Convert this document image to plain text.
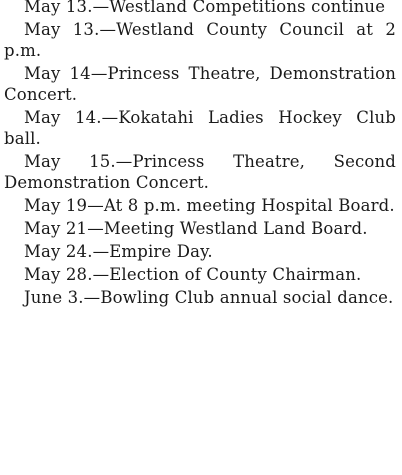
May 13.—Westland Competitions continue

May 13.—Westland County Council at 2 p.m.

May 14—Princess Theatre, Demonstration Concert.

May 14.—Kokatahi Ladies Hockey Club ball.

May 15.—Princess Theatre, Second Demonstration Concert.

May 19—At 8 p.m. meeting Hospital Board.

May 21—Meeting Westland Land Board.

May 24.—Empire Day.

May 28.—Election of County Chairman.

June 3.—Bowling Club annual social dance.
